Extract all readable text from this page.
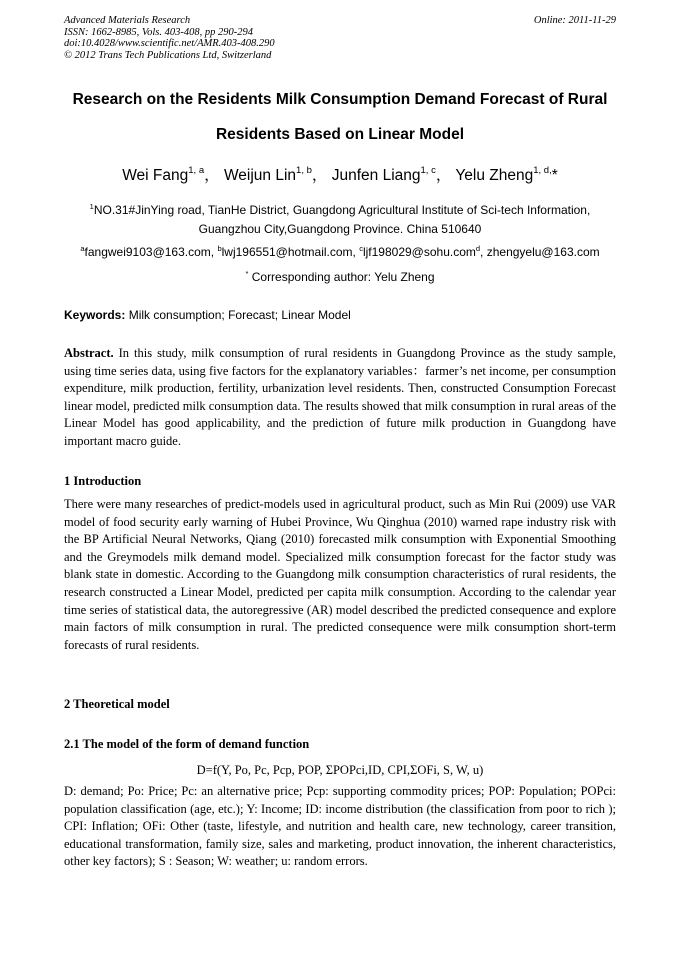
Advanced Materials Research
ISSN: 1662-8985, Vols. 403-408, pp 290-294
doi:10.4028/www.scientific.net/AMR.403-408.290
© 2012 Trans Tech Publications Ltd, Switzerland
Online: 2011-11-29
Research on the Residents Milk Consumption Demand Forecast of Rural
Residents Based on Linear Model
Wei Fang$^{1, a}$， Weijun Lin$^{1, b}$， Junfen Liang$^{1, c}$， Yelu Zheng$^{1, d,}$*
$^1$NO.31#JinYing road, TianHe District, Guangdong Agricultural Institute of Sci-tech Information,
Guangzhou City,Guangdong Province. China 510640
$^a$fangwei9103@163.com, $^b$lwj196551@hotmail.com, $^c$ljf198029@sohu.com$^d$, zhengyelu@163.com
* Corresponding author: Yelu Zheng
Keywords: Milk consumption; Forecast; Linear Model
Abstract. In this study, milk consumption of rural residents in Guangdong Province as the study sample, using time series data, using five factors for the explanatory variables：farmer’s net income, per consumption expenditure, milk production, fertility, urbanization level residents. Then, constructed Consumption Forecast linear model, predicted milk consumption data. The results showed that milk consumption in rural areas of the Linear Model has good applicability, and the prediction of future milk production in Guangdong have important macro guide.
1 Introduction
There were many researches of predict-models used in agricultural product, such as Min Rui (2009) use VAR model of food security early warning of Hubei Province, Wu Qinghua (2010) warned rape industry risk with the BP Artificial Neural Networks, Qiang (2010) forecasted milk consumption with Exponential Smoothing and the Greymodels milk demand model. Specialized milk consumption forecast for the factor study was blank state in domestic. According to the Guangdong milk consumption characteristics of rural residents, the research constructed a Linear Model, predicted per capita milk consumption. According to the calendar year time series of statistical data, the autoregressive (AR) model described the predicted consequence and explore main factors of milk consumption in rural. The predicted consequence were milk consumption short-term forecasts of rural residents.
2 Theoretical model
2.1 The model of the form of demand function
D=f(Y, Po, Pc, Pcp, POP, ΣPOPci,ID, CPI,ΣOFi, S, W, u)
D: demand; Po: Price; Pc: an alternative price; Pcp: supporting commodity prices; POP: Population; POPci: population classification (age, etc.); Y: Income; ID: income distribution (the classification from poor to rich ); CPI: Inflation; OFi: Other (taste, lifestyle, and nutrition and health care, new technology, career transition, educational transformation, family size, sales and marketing, product innovation, the inherent characteristics, other key factors); S : Season; W: weather; u: random errors.
